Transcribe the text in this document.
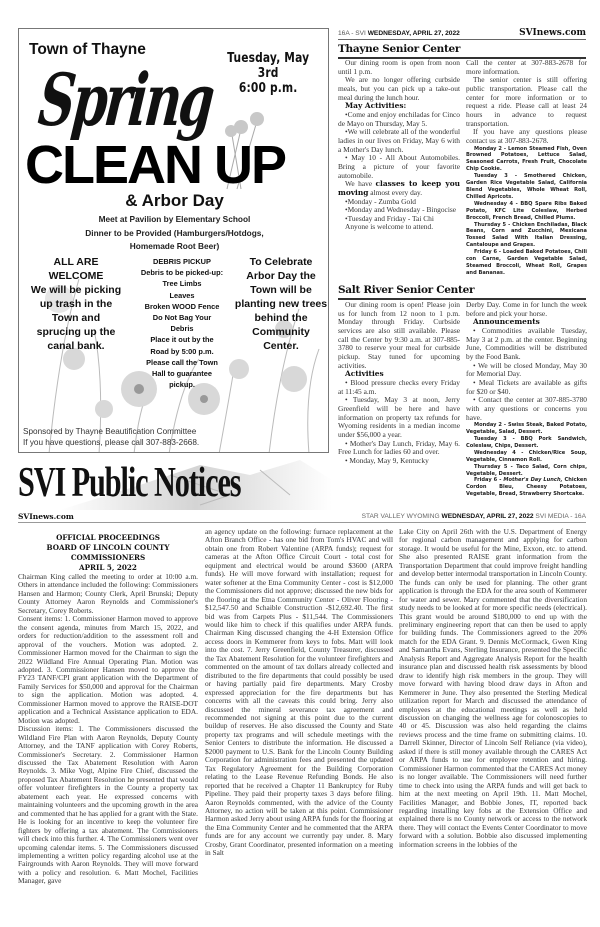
Town of Thayne
Tuesday, May 3rd
6:00 p.m.
Spring
CLEAN UP
& Arbor Day
Meet at Pavilion by Elementary School
Dinner to be Provided (Hamburgers/Hotdogs,
Homemade Root Beer)
ALL ARE
WELCOME
We will be picking
up trash in the
Town and
sprucing up the
canal bank.
DEBRIS PICKUP
Debris to be picked-up:
Tree Limbs
Leaves
Broken WOOD Fence
Do Not Bag Your
Debris
Place it out by the
Road by 5:00 p.m.
Please call the Town
Hall to guarantee
pickup.
To Celebrate
Arbor Day the
Town will be
planting new trees
behind the
Community
Center.
Sponsored by Thayne Beautification Committee
If you have questions, please call 307-883-2668.
16A - SVI WEDNESDAY, APRIL 27, 2022	SVInews.com
Thayne Senior Center

Our dining room is open from noon until 1 p.m.

We are no longer offering curbside meals, but you can pick up a take-out meal during the lunch hour.

May Activities:

•Come and enjoy enchiladas for Cinco de Mayo on Thursday, May 5.

•We will celebrate all of the wonderful ladies in our lives on Friday, May 6 with a Mother's Day lunch.

• May 10 - All About Automobiles. Bring a picture of your favorite automobile.

We have classes to keep you moving almost every day.

•Monday - Zumba Gold

•Monday and Wednesday - Bingocise

•Tuesday and Friday - Tai Chi

Anyone is welcome to attend.

Call the center at 307-883-2678 for more information.

The senior center is still offering public transportation. Please call the center for more information or to request a ride. Please call at least 24 hours in advance to request transportation.

If you have any questions please contact us at 307-883-2678.

Monday 2 - Lemon Steamed Fish, Oven Browned Potatoes, Lettuce Salad, Seasoned Carrots, Fresh Fruit, Chocolate Chip Cookie.

Tuesday 3 - Smothered Chicken, Garden Rice Vegetable Salad, California Blend Vegetables, Whole Wheat Roll, Chilled Apricots.

Wednesday 4 - BBQ Spare Ribs Baked Potato, KFC Lite Coleslaw, Herbed Broccoli, French Bread, Chilled Plums.

Thursday 5 - Chicken Enchiladas, Black Beans, Corn and Zucchini, Mexicana Tossed Salad With Italian Dressing, Cantaloupe and Grapes.

Friday 6 - Loaded Baked Potatoes, Chili con Carne, Garden Vegetable Salad, Steamed Broccoli, Wheat Roll, Grapes and Bananas.

Salt River Senior Center

Our dining room is open! Please join us for lunch from 12 noon to 1 p.m. Monday through Friday. Curbside services are also still available. Please call the Center by 9:30 a.m. at 307-885-3780 to reserve your meal for curbside pickup. Stay tuned for upcoming activities.

Activities

• Blood pressure checks every Friday at 11:45 a.m.

• Tuesday, May 3 at noon, Jerry Greenfield will be here and have information on property tax refunds for Wyoming residents in a median income under $56,000 a year.

• Mother's Day Lunch, Friday, May 6. Free Lunch for ladies 60 and over.

• Monday, May 9, Kentucky

Derby Day. Come in for lunch the week before and pick your horse.

Announcements

• Commodities available Tuesday, May 3 at 2 p.m. at the center. Beginning June, Commodities will be distributed by the Food Bank.

• We will be closed Monday, May 30 for Memorial Day.

• Meal Tickets are available as gifts for $20 or $40.

• Contact the center at 307-885-3780 with any questions or concerns you have.

Monday 2 - Swiss Steak, Baked Potato, Vegetable, Salad, Dessert.

Tuesday 3 - BBQ Pork Sandwich, Coleslaw, Chips, Dessert.

Wednesday 4 - Chicken/Rice Soup, Vegetable, Cinnamon Roll.

Thursday 5 - Taco Salad, Corn chips, Vegetable, Dessert.

Friday 6 - Mother's Day Lunch, Chicken Cordon Bleu, Cheesy Potatoes, Vegetable, Bread, Strawberry Shortcake.

SVI Public Notices
SVInews.com	STAR VALLEY WYOMING WEDNESDAY, APRIL 27, 2022 SVI MEDIA - 16A
OFFICIAL PROCEEDINGS
BOARD OF LINCOLN COUNTY COMMISSIONERS
APRIL 5, 2022

Chairman King called the meeting to order at 10:00 a.m. Others in attendance included the following: Commissioners Hansen and Harmon; County Clerk, April Brunski; Deputy County Attorney Aaron Reynolds and Commissioner's Secretary, Corey Roberts.

Consent items: 1. Commissioner Harmon moved to approve the consent agenda, minutes from March 15, 2022, and orders for reduction/addition to the assessment roll and approval of the vouchers. Motion was adopted. 2. Commissioner Harmon moved for the Chairman to sign the 2022 Wildland Fire Annual Operating Plan. Motion was adopted. 3. Commissioner Hansen moved to approve the FY23 TANF/CPI grant application with the Department of Family Services for $50,000 and approval for the Chairman to sign the application. Motion was adopted. 4. Commissioner Harmon moved to approve the RAISE-DOT application and a Technical Assistance application to EDA. Motion was adopted.

Discussion items: 1. The Commissioners discussed the Wildland Fire Plan with Aaron Reynolds, Deputy County Attorney, and the TANF application with Corey Roberts, Commissioner's Secretary. 2. Commissioner Harmon discussed the Tax Abatement Resolution with Aaron Reynolds. 3. Mike Vogt, Alpine Fire Chief, discussed the proposed Tax Abatement Resolution he presented that would offer volunteer firefighters in the County a property tax abatement each year. He expressed concerns with maintaining volunteers and the upcoming growth in the area and commented that he has applied for a grant with the State. He is looking for an incentive to keep the volunteer fire fighters by offering a tax abatement. The Commissioners will check into this further. 4. The Commissioners went over upcoming calendar items. 5. The Commissioners discussed implementing a written policy regarding alcohol use at the Fairgrounds with Aaron Reynolds. They will move forward with a policy and resolution. 6. Matt Mochel, Facilities Manager, gave

an agency update on the following: furnace replacement at the Afton Branch Office - has one bid from Tom's HVAC and will obtain one from Robert Valentine (ARPA funds); request for cameras at the Afton Office Circuit Court - total cost for equipment and electrical would be around $3600 (ARPA funds). He will move forward with installation; request for water softener at the Etna Community Center - cost is $12,000 the Commissioners did not approve; discussed the new bids for the flooring at the Etna Community Center - Oliver Flooring - $12,547.50 and Schaible Construction -$12,692.40. The first bid was from Carpets Plus - $11,544. The Commissioners would like him to check if this qualifies under ARPA funds. Chairman King discussed changing the 4-H Extension Office access doors in Kemmerer from keys to fobs. Matt will look into the cost. 7. Jerry Greenfield, County Treasurer, discussed the Tax Abatement Resolution for the volunteer firefighters and commented on the amount of tax dollars already collected and distributed to the fire departments that could possibly be used or having partially paid fire departments. Mary Crosby expressed appreciation for the fire departments but has concerns with all the caveats this could bring. Jerry also discussed the mineral severance tax agreement and recommended not signing at this point due to the current buildup of reserves. He also discussed the County and State property tax programs and will schedule meetings with the Senior Centers to distribute the information. He discussed a $2000 payment to U.S. Bank for the Lincoln County Building Corporation for administration fees and presented the updated Tax Regulatory Agreement for the Building Corporation relating to the Lease Revenue Refunding Bonds. He also reported that he received a Chapter 11 Bankruptcy for Ruby Pipeline. They paid their property taxes 3 days before filing. Aaron Reynolds commented, with the advice of the County Attorney, no action will be taken at this point. Commissioner Harmon asked Jerry about using ARPA funds for the flooring at the Etna Community Center and he commented that the ARPA funds are for any account we currently pay under. 8. Mary Crosby, Grant Coordinator, presented information on a meeting in Salt

Lake City on April 26th with the U.S. Department of Energy for regional carbon management and applying for carbon storage. It would be useful for the Mine, Exxon, etc. to attend. She also presented RAISE grant information from the Transportation Department that could improve freight handling and develop better intermodal transportation in Lincoln County. The funds can only be used for planning. The other grant application is through the EDA for the area south of Kemmerer for water and sewer. Mary commented that the diversification study needs to be looked at for more specific needs (electrical). This grant would be around $180,000 to end up with the preliminary engineering report that can then be used to apply for building funds. The Commissioners agreed to the 20% match for the EDA Grant. 9. Dennis McCormack, Gwen King and Samantha Evans, Sterling Insurance, presented the Specific Analysis Report and Aggregate Analysis Report for the health insurance plan and discussed health risk assessments by blood draw to identify high risk members in the group. They will move forward with having blood draw days in Afton and Kemmerer in June. They also presented the Sterling Medical utilization report for March and discussed the attendance of employees at the educational meetings as well as held discussion on changing the wellness age for colonoscopies to 40 or 45. Discussion was also held regarding the claims reviews process and the time frame on submitting claims. 10. Darrell Skinner, Director of Lincoln Self Reliance (via video), asked if there is still money available through the CARES Act or ARPA funds to use for employee retention and hiring. Commissioner Harmon commented that the CARES Act money is no longer available. The Commissioners will need further time to check into using the ARPA funds and will get back to him at the next meeting on April 19th. 11. Matt Mochel, Facilities Manager, and Bobbie Jones, IT, reported back regarding installing key fobs at the Extension Office and explained there is no County network or access to the network there. They will contact the Events Center Coordinator to move forward with a solution. Bobbie also discussed implementing information screens in the lobbies of the
